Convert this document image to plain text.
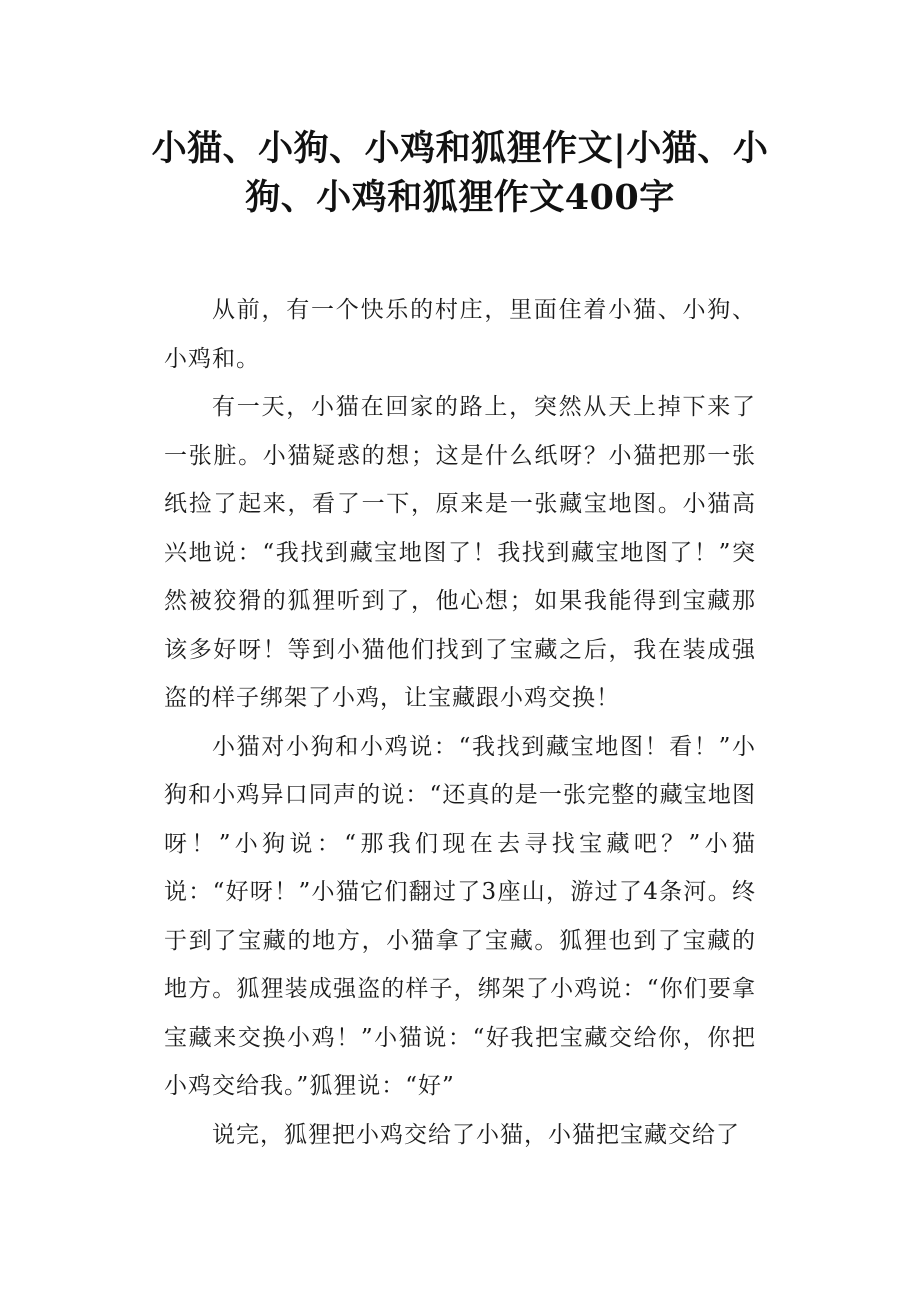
小猫、小狗、小鸡和狐狸作文|小猫、小狗、小鸡和狐狸作文400字

从前，有一个快乐的村庄，里面住着小猫、小狗、小鸡和。

有一天，小猫在回家的路上，突然从天上掉下来了一张脏。小猫疑惑的想；这是什么纸呀？小猫把那一张纸捡了起来，看了一下，原来是一张藏宝地图。小猫高兴地说：“我找到藏宝地图了！我找到藏宝地图了！”突然被狡猾的狐狸听到了，他心想；如果我能得到宝藏那该多好呀！等到小猫他们找到了宝藏之后，我在装成强盗的样子绑架了小鸡，让宝藏跟小鸡交换！

小猫对小狗和小鸡说：“我找到藏宝地图！看！”小狗和小鸡异口同声的说：“还真的是一张完整的藏宝地图呀！”小狗说：“那我们现在去寻找宝藏吧？”小猫说：“好呀！”小猫它们翻过了3座山，游过了4条河。终于到了宝藏的地方，小猫拿了宝藏。狐狸也到了宝藏的地方。狐狸装成强盗的样子，绑架了小鸡说：“你们要拿宝藏来交换小鸡！”小猫说：“好我把宝藏交给你，你把小鸡交给我。”狐狸说：“好”

说完，狐狸把小鸡交给了小猫，小猫把宝藏交给了
